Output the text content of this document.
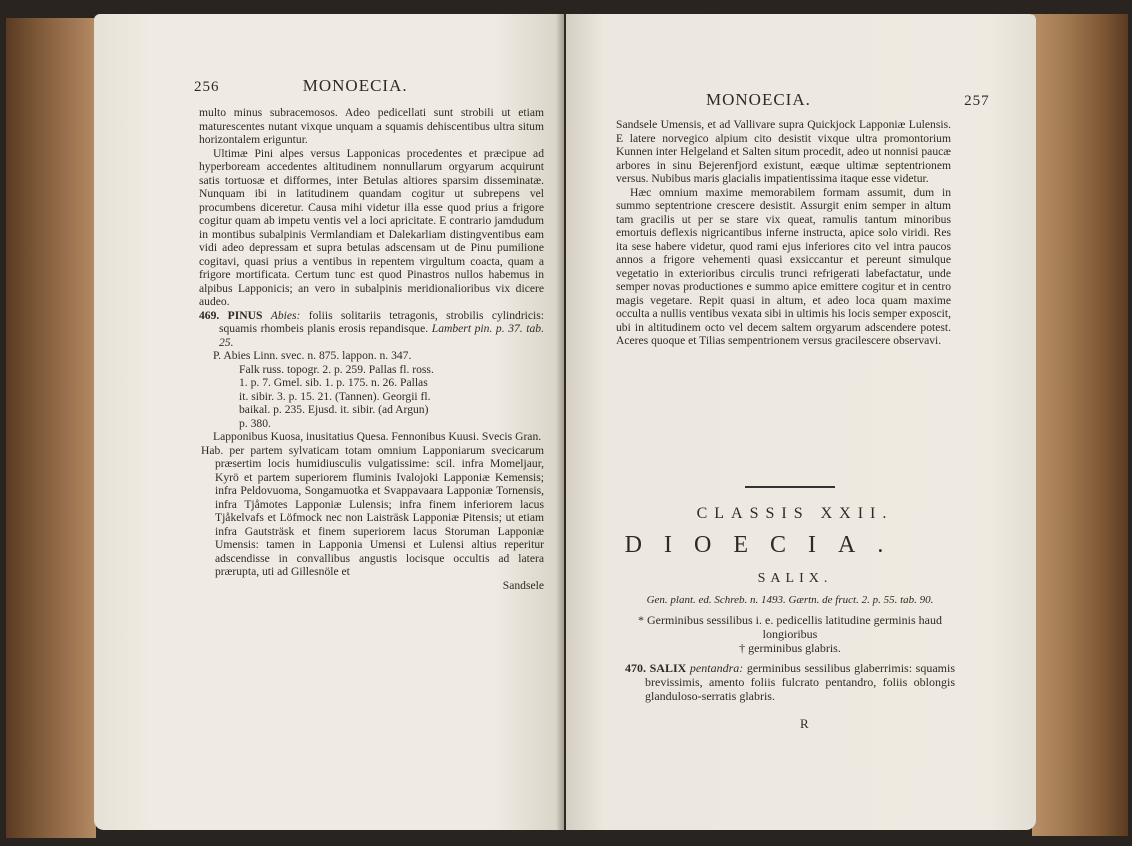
256	MONOECIA.

multo minus subracemosos. Adeo pedicellati sunt strobili ut etiam maturescentes nutant vixque unquam a squamis dehiscentibus ultra situm horizontalem eriguntur.

Ultimæ Pini alpes versus Lapponicas procedentes et præcipue ad hyperboream accedentes altitudinem nonnullarum orgyarum acquirunt satis tortuosæ et difformes, inter Betulas altiores sparsim disseminatæ. Nunquam ibi in latitudinem quandam cogitur ut subrepens vel procumbens diceretur. Causa mihi videtur illa esse quod prius a frigore cogitur quam ab impetu ventis vel a loci apricitate. E contrario jamdudum in montibus subalpinis Vermlandiam et Dalekarliam distingventibus eam vidi adeo depressam et supra betulas adscensam ut de Pinu pumilione cogitavi, quasi prius a ventibus in repentem virgultum coacta, quam a frigore mortificata. Certum tunc est quod Pinastros nullos habemus in alpibus Lapponicis; an vero in subalpinis meridionalioribus vix dicere audeo.

469. PINUS Abies: foliis solitariis tetragonis, strobilis cylindricis: squamis rhombeis planis erosis repandisque. Lambert pin. p. 37. tab. 25.

P. Abies Linn. svec. n. 875. lappon. n. 347.

Falk russ. topogr. 2. p. 259. Pallas fl. ross.

1. p. 7. Gmel. sib. 1. p. 175. n. 26. Pallas

it. sibir. 3. p. 15. 21. (Tannen). Georgii fl.

baikal. p. 235. Ejusd. it. sibir. (ad Argun)

p. 380.

Lapponibus Kuosa, inusitatius Quesa. Fennonibus Kuusi. Svecis Gran.

Hab. per partem sylvaticam totam omnium Lapponiarum svecicarum præsertim locis humidiusculis vulgatissime: scil. infra Momeljaur, Kyrö et partem superiorem fluminis Ivalojoki Lapponiæ Kemensis; infra Peldovuoma, Songamuotka et Svappavaara Lapponiæ Tornensis, infra Tjåmotes Lapponiæ Lulensis; infra finem inferiorem lacus Tjåkelvafs et Löfmock nec non Laisträsk Lapponiæ Pitensis; ut etiam infra Gautsträsk et finem superiorem lacus Storuman Lapponiæ Umensis: tamen in Lapponia Umensi et Lulensi altius reperitur adscendisse in convallibus angustis locisque occultis ad latera prærupta, uti ad Gillesnöle et

Sandsele

MONOECIA.	257

Sandsele Umensis, et ad Vallivare supra Quickjock Lapponiæ Lulensis. E latere norvegico alpium cito desistit vixque ultra promontorium Kunnen inter Helgeland et Salten situm procedit, adeo ut nonnisi paucæ arbores in sinu Bejerenfjord existunt, eæque ultimæ septentrionem versus. Nubibus maris glacialis impatientissima itaque esse videtur.

Hæc omnium maxime memorabilem formam assumit, dum in summo septentrione crescere desistit. Assurgit enim semper in altum tam gracilis ut per se stare vix queat, ramulis tantum minoribus emortuis deflexis nigricantibus inferne instructa, apice solo viridi. Res ita sese habere videtur, quod rami ejus inferiores cito vel intra paucos annos a frigore vehementi quasi exsiccantur et pereunt simulque vegetatio in exterioribus circulis trunci refrigerati labefactatur, unde semper novas productiones e summo apice emittere cogitur et in centro magis vegetare. Repit quasi in altum, et adeo loca quam maxime occulta a nullis ventibus vexata sibi in ultimis his locis semper exposcit, ubi in altitudinem octo vel decem saltem orgyarum adscendere potest. Aceres quoque et Tilias sempentrionem versus gracilescere observavi.

CLASSIS XXII.
DIOECIA.
SALIX.

Gen. plant. ed. Schreb. n. 1493. Gærtn. de fruct. 2. p. 55. tab. 90.

* Germinibus sessilibus i. e. pedicellis latitudine germinis haud longioribus

† germinibus glabris.

470. SALIX pentandra: germinibus sessilibus glaberrimis: squamis brevissimis, amento foliis fulcrato pentandro, foliis oblongis glanduloso-serratis glabris.

R
